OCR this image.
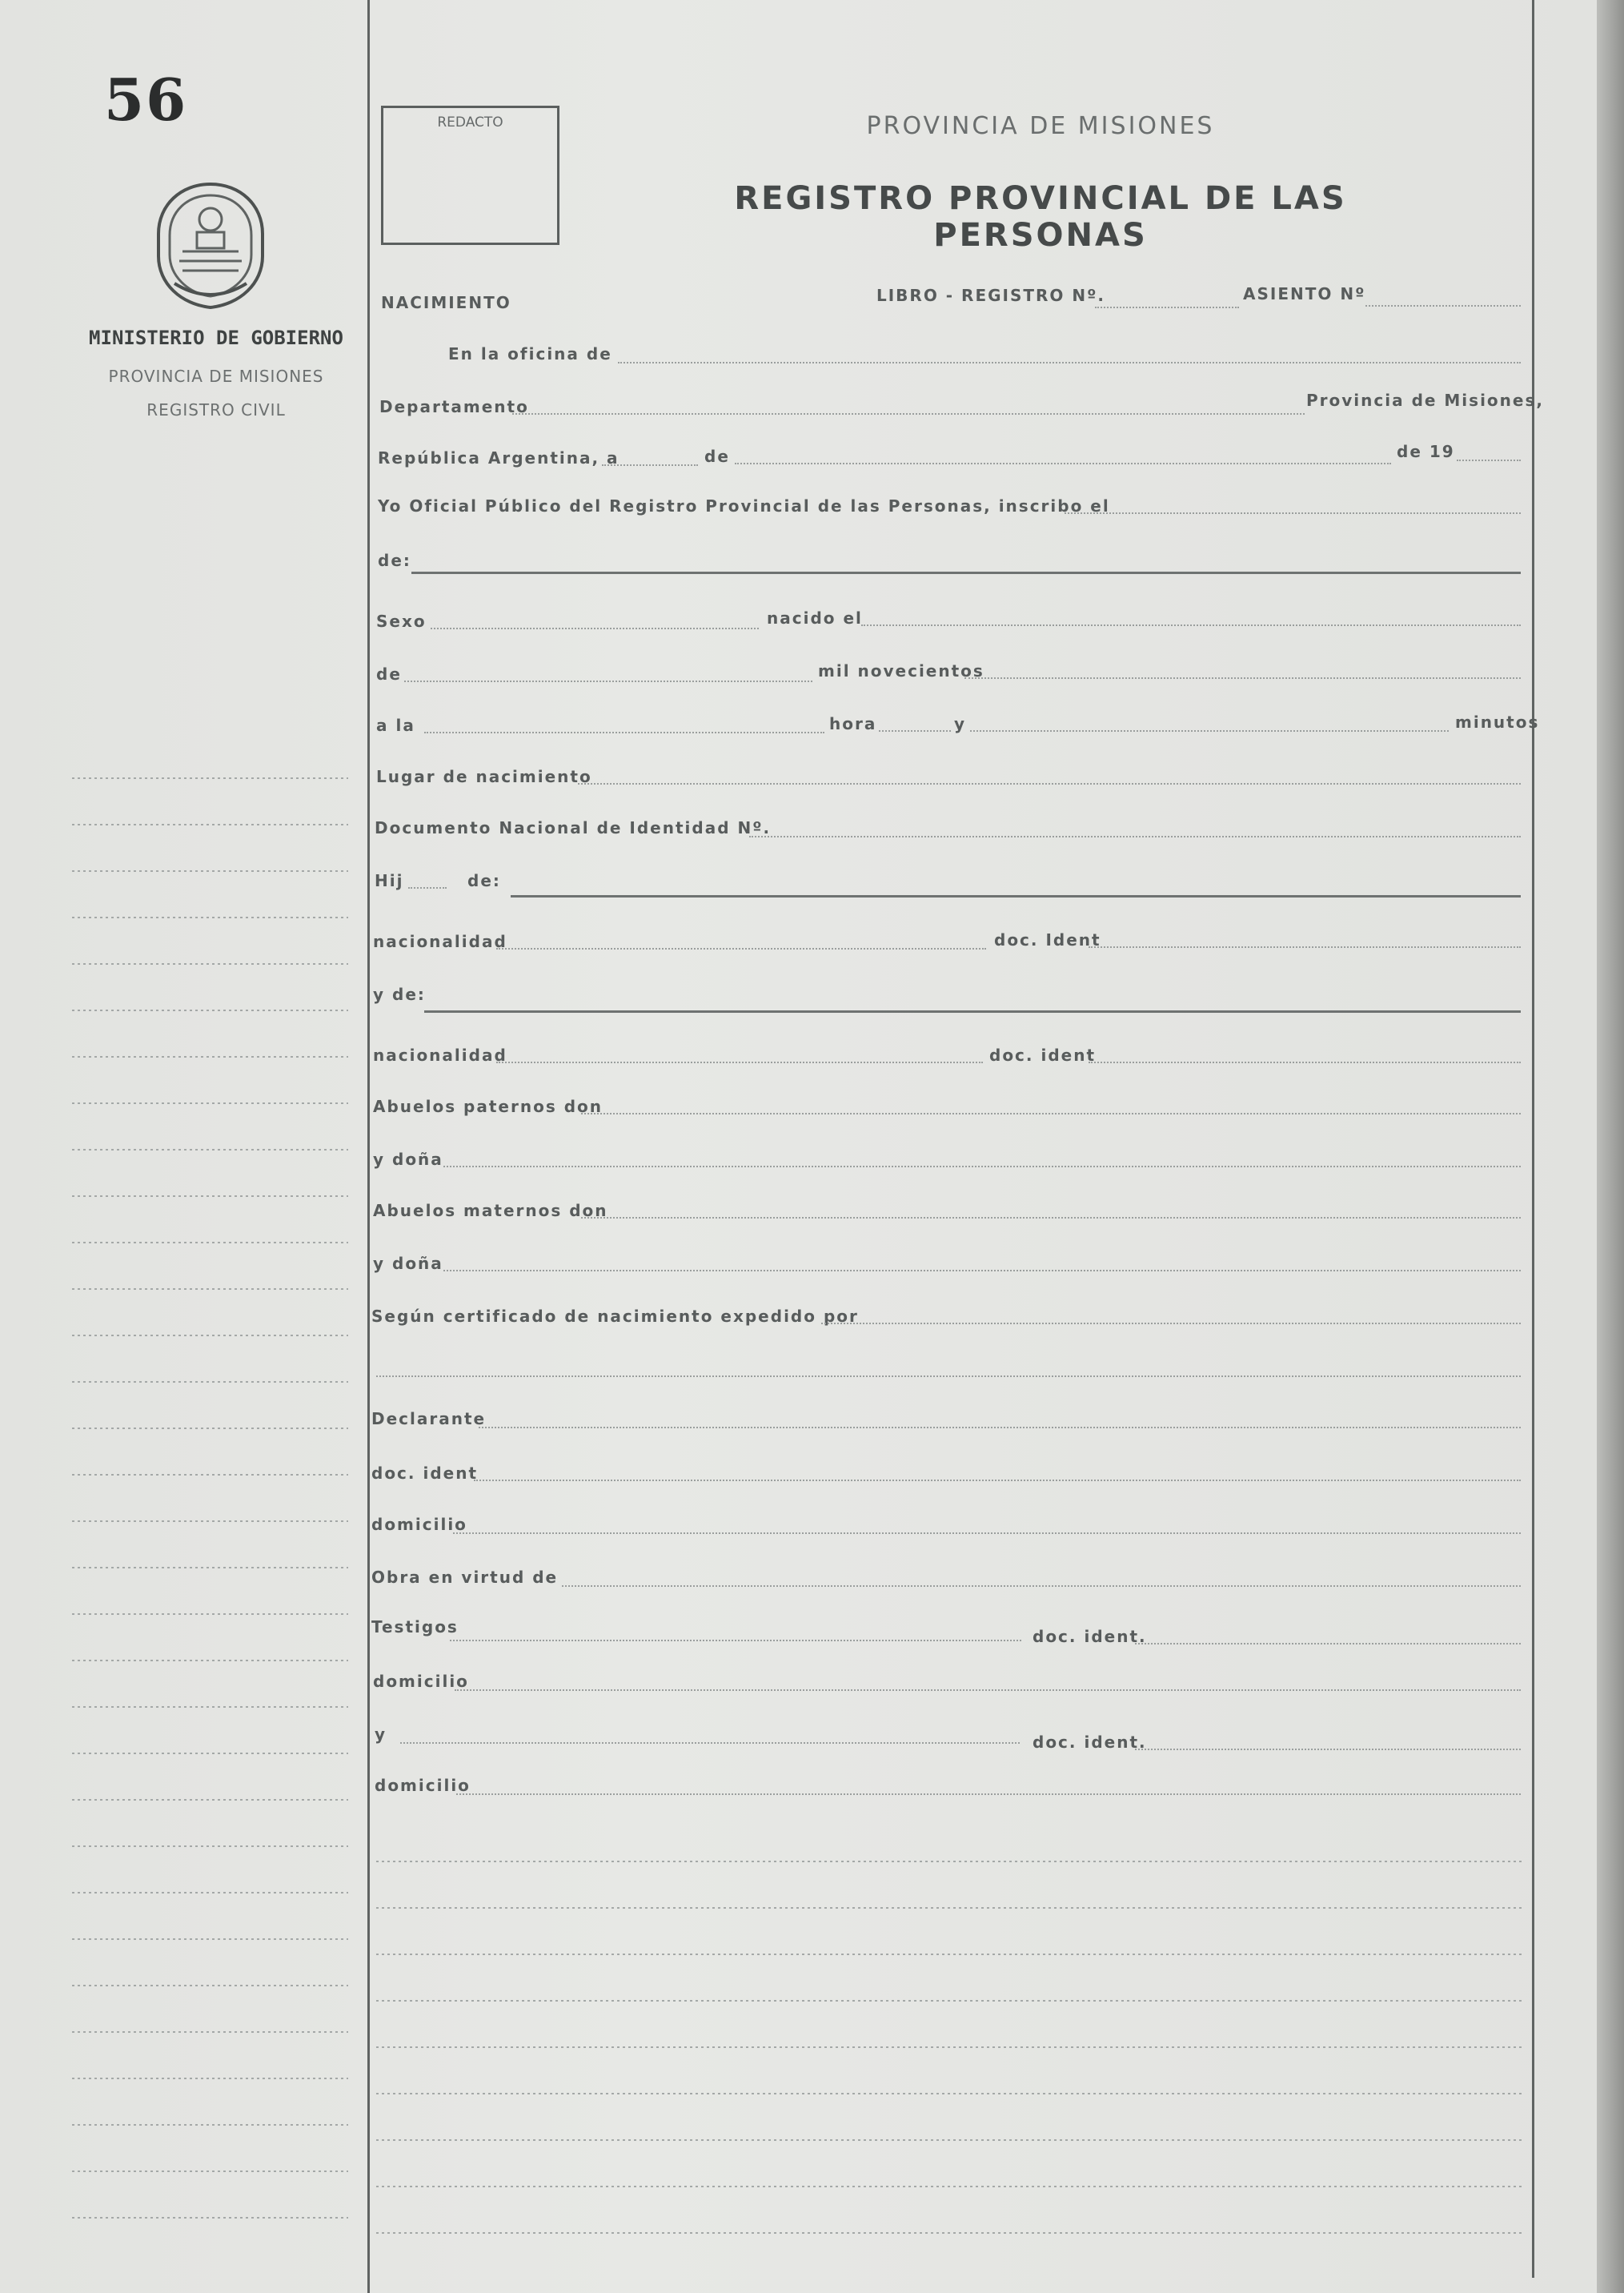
56
MINISTERIO DE GOBIERNO
PROVINCIA DE MISIONES
REGISTRO CIVIL
REDACTO	PROVINCIA DE MISIONES
REGISTRO PROVINCIAL DE LAS PERSONAS
NACIMIENTO	LIBRO - REGISTRO Nº.	ASIENTO Nº
En la oficina de
Departamento	Provincia de Misiones,
República Argentina, a	de	de 19
Yo Oficial Público del Registro Provincial de las Personas, inscribo el
de:
Sexo	nacido el
de	mil novecientos
a la	hora	y	minutos
Lugar de nacimiento
Documento Nacional de Identidad Nº.
Hij	de:
nacionalidad	doc. Ident
y de:
nacionalidad	doc. ident
Abuelos paternos don
y doña
Abuelos maternos don
y doña
Según certificado de nacimiento expedido por
Declarante
doc. ident
domicilio
Obra en virtud de
Testigos	doc. ident.
domicilio
y	doc. ident.
domicilio
